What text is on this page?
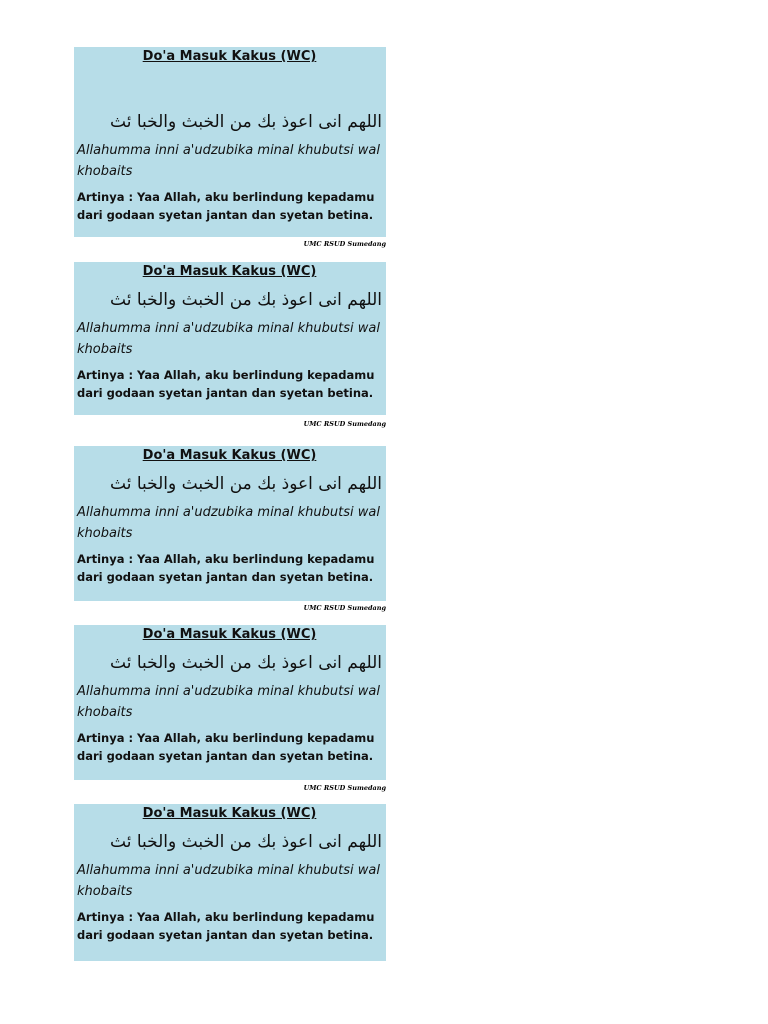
Do'a Masuk Kakus (WC)
اللهم انى اعوذ بك من الخبث والخبا ئث
Allahumma inni a'udzubika minal khubutsi wal khobaits
Artinya : Yaa Allah, aku berlindung kepadamu dari godaan syetan jantan dan syetan betina.
UMC RSUD Sumedang
Do'a Masuk Kakus (WC)
اللهم انى اعوذ بك من الخبث والخبا ئث
Allahumma inni a'udzubika minal khubutsi wal khobaits
Artinya : Yaa Allah, aku berlindung kepadamu dari godaan syetan jantan dan syetan betina.
UMC RSUD Sumedang
Do'a Masuk Kakus (WC)
اللهم انى اعوذ بك من الخبث والخبا ئث
Allahumma inni a'udzubika minal khubutsi wal khobaits
Artinya : Yaa Allah, aku berlindung kepadamu dari godaan syetan jantan dan syetan betina.
UMC RSUD Sumedang
Do'a Masuk Kakus (WC)
اللهم انى اعوذ بك من الخبث والخبا ئث
Allahumma inni a'udzubika minal khubutsi wal khobaits
Artinya : Yaa Allah, aku berlindung kepadamu dari godaan syetan jantan dan syetan betina.
UMC RSUD Sumedang
Do'a Masuk Kakus (WC)
اللهم انى اعوذ بك من الخبث والخبا ئث
Allahumma inni a'udzubika minal khubutsi wal khobaits
Artinya : Yaa Allah, aku berlindung kepadamu dari godaan syetan jantan dan syetan betina.
